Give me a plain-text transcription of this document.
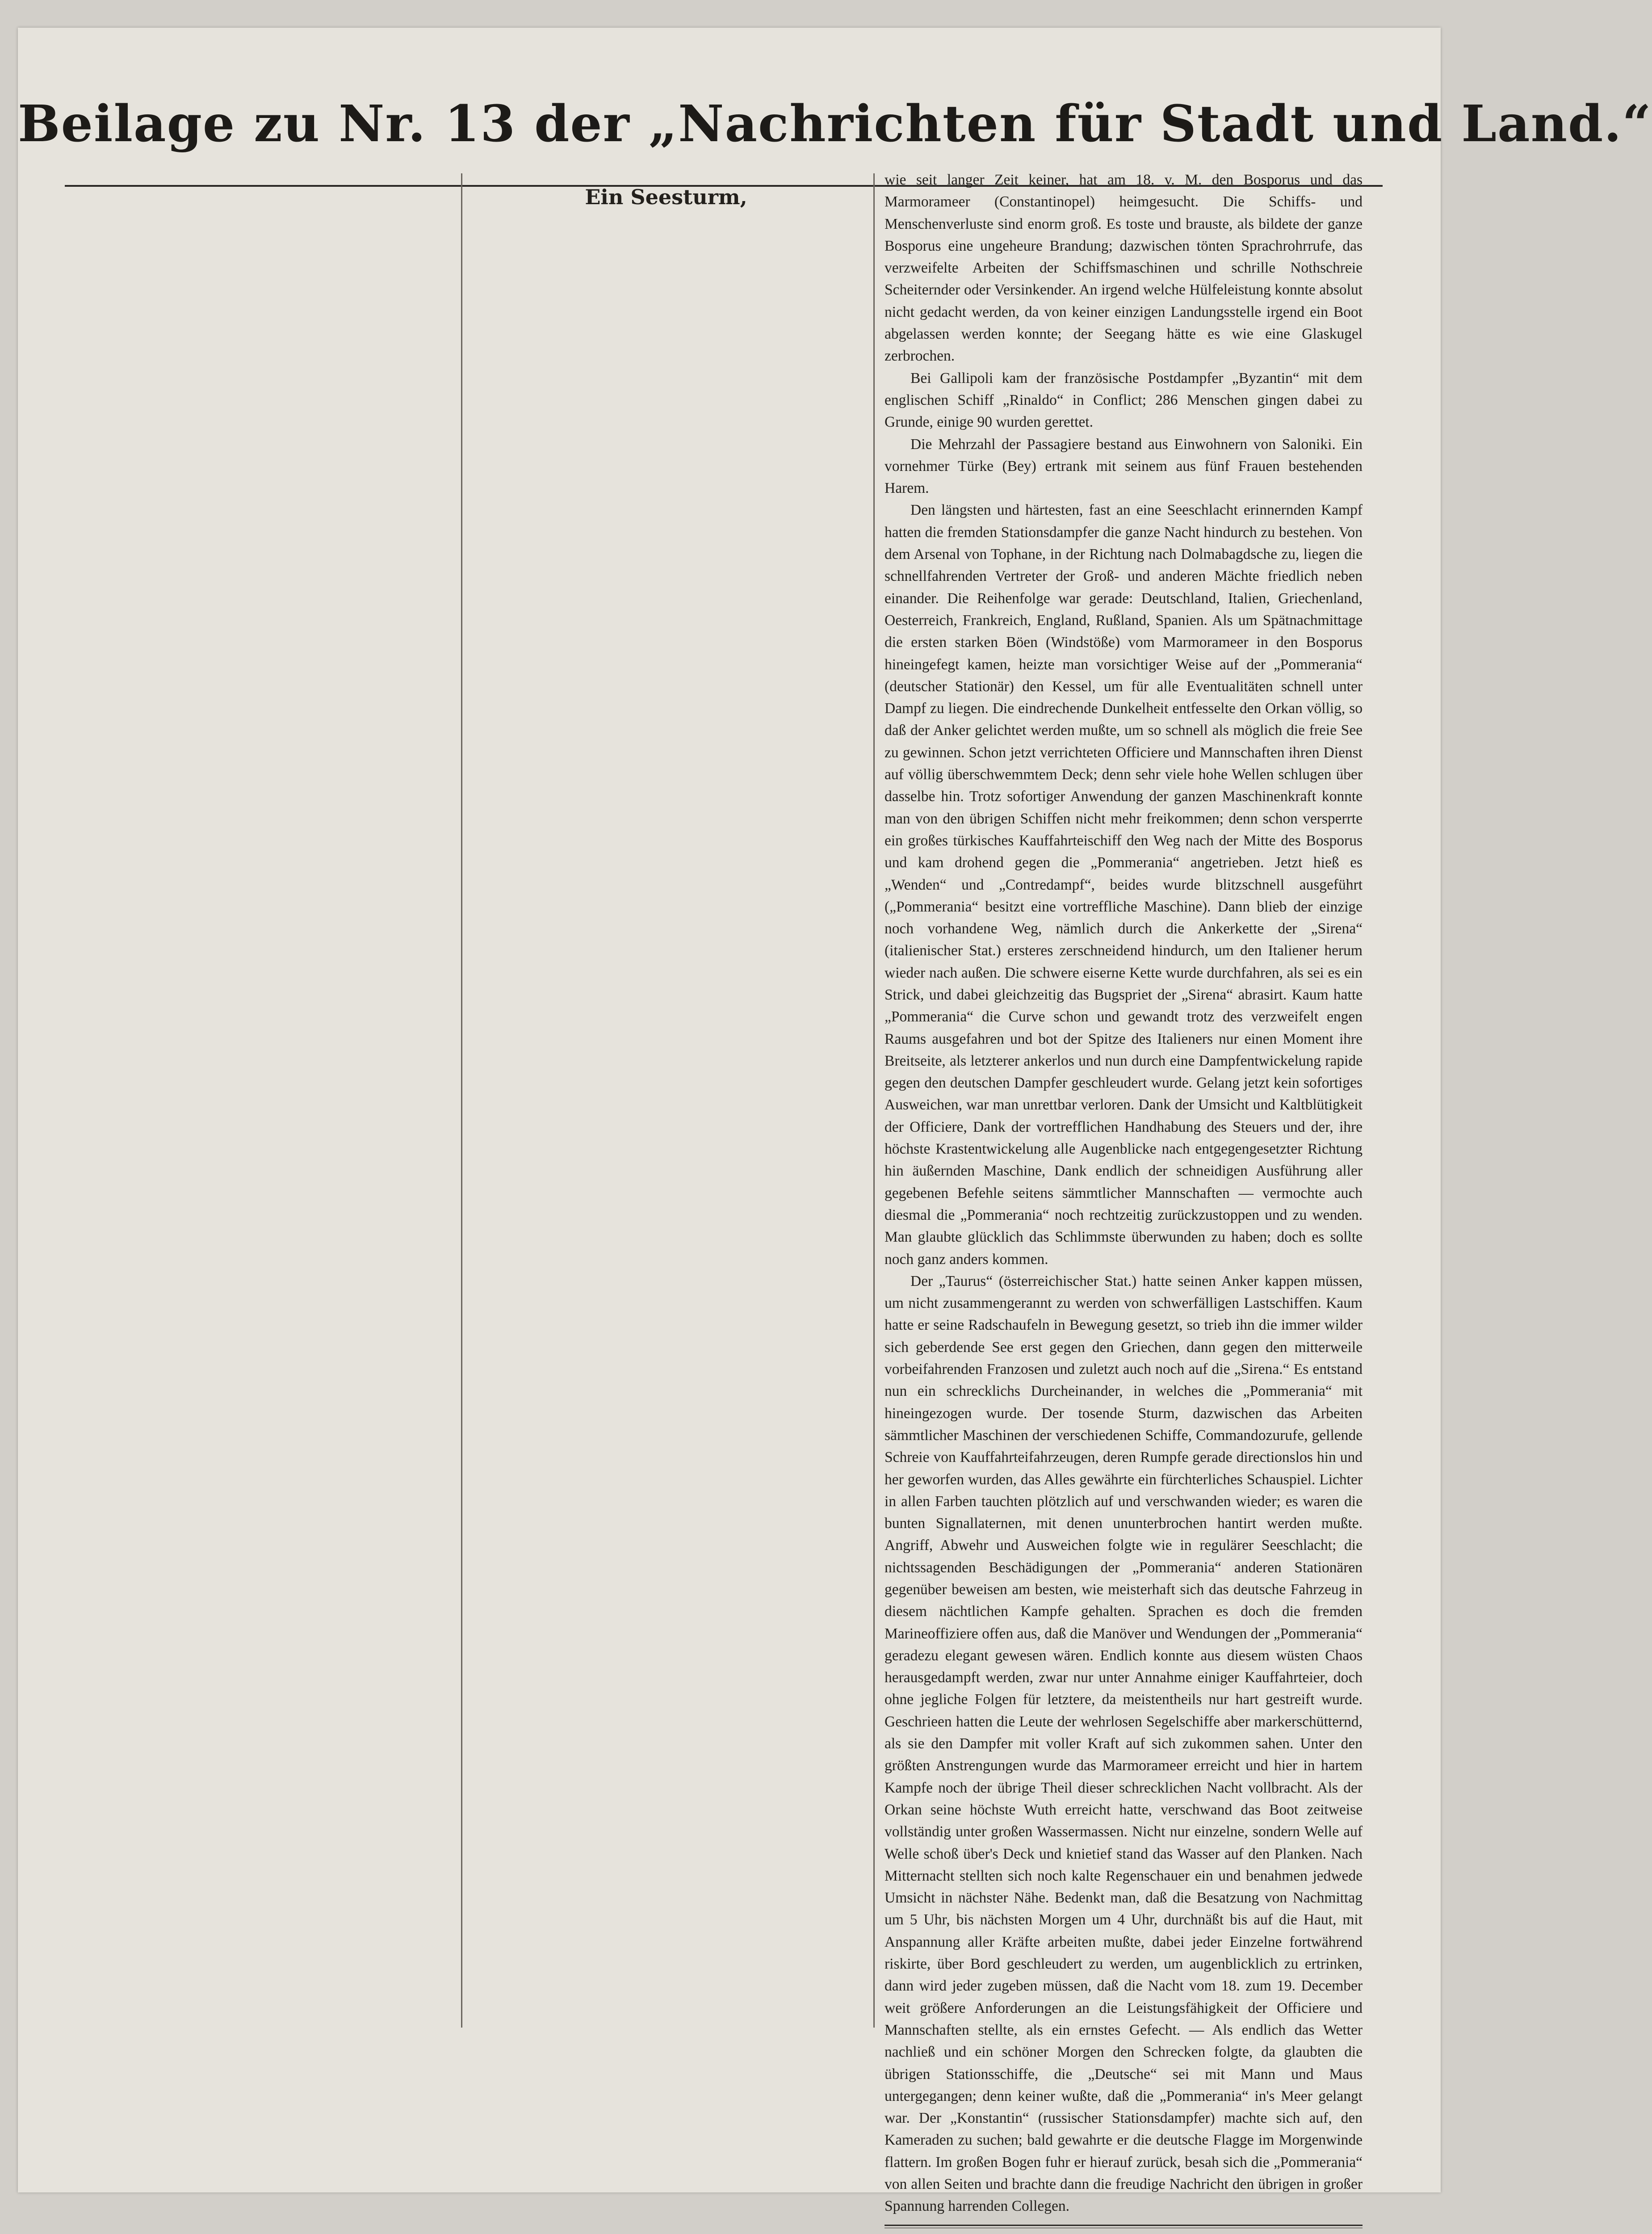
Beilage zu Nr. 13 der „Nachrichten für Stadt und Land.“
Ein Seesturm,

wie seit langer Zeit keiner, hat am 18. v. M. den Bosporus und das Marmorameer (Constantinopel) heimgesucht. Die Schiffs- und Menschenverluste sind enorm groß. Es toste und brauste, als bildete der ganze Bosporus eine ungeheure Brandung; dazwischen tönten Sprachrohrrufe, das verzweifelte Arbeiten der Schiffsmaschinen und schrille Nothschreie Scheiternder oder Versinkender. An irgend welche Hülfeleistung konnte absolut nicht gedacht werden, da von keiner einzigen Landungsstelle irgend ein Boot abgelassen werden konnte; der Seegang hätte es wie eine Glaskugel zerbrochen.

Bei Gallipoli kam der französische Postdampfer „Byzantin“ mit dem englischen Schiff „Rinaldo“ in Conflict; 286 Menschen gingen dabei zu Grunde, einige 90 wurden gerettet.

Die Mehrzahl der Passagiere bestand aus Einwohnern von Saloniki. Ein vornehmer Türke (Bey) ertrank mit seinem aus fünf Frauen bestehenden Harem.

Den längsten und härtesten, fast an eine Seeschlacht erinnernden Kampf hatten die fremden Stationsdampfer die ganze Nacht hindurch zu bestehen. Von dem Arsenal von Tophane, in der Richtung nach Dolmabagdsche zu, liegen die schnellfahrenden Vertreter der Groß- und anderen Mächte friedlich neben einander. Die Reihenfolge war gerade: Deutschland, Italien, Griechenland, Oesterreich, Frankreich, England, Rußland, Spanien. Als um Spätnachmittage die ersten starken Böen (Windstöße) vom Marmorameer in den Bosporus hineingefegt kamen, heizte man vorsichtiger Weise auf der „Pommerania“ (deutscher Stationär) den Kessel, um für alle Eventualitäten schnell unter Dampf zu liegen. Die eindrechende Dunkelheit entfesselte den Orkan völlig, so daß der Anker gelichtet werden mußte, um so schnell als möglich die freie See zu gewinnen. Schon jetzt verrichteten Officiere und Mannschaften ihren Dienst auf völlig überschwemmtem Deck; denn sehr viele hohe Wellen schlugen über dasselbe hin. Trotz sofortiger Anwendung der ganzen Maschinenkraft konnte man von den übrigen Schiffen nicht mehr freikommen; denn schon versperrte ein großes türkisches Kauffahrteischiff den Weg nach der Mitte des Bosporus und kam drohend gegen die „Pommerania“ angetrieben. Jetzt hieß es „Wenden“ und „Contredampf“, beides wurde blitzschnell ausgeführt („Pommerania“ besitzt eine vortreffliche Maschine). Dann blieb der einzige noch vorhandene Weg, nämlich durch die Ankerkette der „Sirena“ (italienischer Stat.) ersteres zerschneidend hindurch, um den Italiener herum wieder nach außen. Die schwere eiserne Kette wurde durchfahren, als sei es ein Strick, und dabei gleichzeitig das Bugspriet der „Sirena“ abrasirt. Kaum hatte „Pommerania“ die Curve schon und gewandt trotz des verzweifelt engen Raums ausgefahren und bot der Spitze des Italieners nur einen Moment ihre Breitseite, als letzterer ankerlos und nun durch eine Dampfentwickelung rapide gegen den deutschen Dampfer geschleudert wurde. Gelang jetzt kein sofortiges Ausweichen, war man unrettbar verloren. Dank der Umsicht und Kaltblütigkeit der Officiere, Dank der vortrefflichen Handhabung des Steuers und der, ihre höchste Krastentwickelung alle Augenblicke nach entgegengesetzter Richtung hin äußernden Maschine, Dank endlich der schneidigen Ausführung aller gegebenen Befehle seitens sämmtlicher Mannschaften — vermochte auch diesmal die „Pommerania“ noch rechtzeitig zurückzustoppen und zu wenden. Man glaubte glücklich das Schlimmste überwunden zu haben; doch es sollte noch ganz anders kommen.

Der „Taurus“ (österreichischer Stat.) hatte seinen Anker kappen müssen, um nicht zusammengerannt zu werden von schwerfälligen Lastschiffen. Kaum hatte er seine Radschaufeln in Bewegung gesetzt, so trieb ihn die immer wilder sich geberdende See erst gegen den Griechen, dann gegen den mitterweile vorbeifahrenden Franzosen und zuletzt auch noch auf die „Sirena.“ Es entstand nun ein schrecklichs Durcheinander, in welches die „Pommerania“ mit hineingezogen wurde. Der tosende Sturm, dazwischen das Arbeiten sämmtlicher Maschinen der verschiedenen Schiffe, Commandozurufe, gellende Schreie von Kauffahrteifahrzeugen, deren Rumpfe gerade directionslos hin und her geworfen wurden, das Alles gewährte ein fürchterliches Schauspiel. Lichter in allen Farben tauchten plötzlich auf und verschwanden wieder; es waren die bunten Signallaternen, mit denen ununterbrochen hantirt werden mußte. Angriff, Abwehr und Ausweichen folgte wie in regulärer Seeschlacht; die nichtssagenden Beschädigungen der „Pommerania“ anderen Stationären gegenüber beweisen am besten, wie meisterhaft sich das deutsche Fahrzeug in diesem nächtlichen Kampfe gehalten. Sprachen es doch die fremden Marineoffiziere offen aus, daß die Manöver und Wendungen der „Pommerania“ geradezu elegant gewesen wären. Endlich konnte aus diesem wüsten Chaos herausgedampft werden, zwar nur unter Annahme einiger Kauffahrteier, doch ohne jegliche Folgen für letztere, da meistentheils nur hart gestreift wurde. Geschrieen hatten die Leute der wehrlosen Segelschiffe aber markerschütternd, als sie den Dampfer mit voller Kraft auf sich zukommen sahen. Unter den größten Anstrengungen wurde das Marmorameer erreicht und hier in hartem Kampfe noch der übrige Theil dieser schrecklichen Nacht vollbracht. Als der Orkan seine höchste Wuth erreicht hatte, verschwand das Boot zeitweise vollständig unter großen Wassermassen. Nicht nur einzelne, sondern Welle auf Welle schoß über's Deck und knietief stand das Wasser auf den Planken. Nach Mitternacht stellten sich noch kalte Regenschauer ein und benahmen jedwede Umsicht in nächster Nähe. Bedenkt man, daß die Besatzung von Nachmittag um 5 Uhr, bis nächsten Morgen um 4 Uhr, durchnäßt bis auf die Haut, mit Anspannung aller Kräfte arbeiten mußte, dabei jeder Einzelne fortwährend riskirte, über Bord geschleudert zu werden, um augenblicklich zu ertrinken, dann wird jeder zugeben müssen, daß die Nacht vom 18. zum 19. December weit größere Anforderungen an die Leistungsfähigkeit der Officiere und Mannschaften stellte, als ein ernstes Gefecht. — Als endlich das Wetter nachließ und ein schöner Morgen den Schrecken folgte, da glaubten die übrigen Stationsschiffe, die „Deutsche“ sei mit Mann und Maus untergegangen; denn keiner wußte, daß die „Pommerania“ in's Meer gelangt war. Der „Konstantin“ (russischer Stationsdampfer) machte sich auf, den Kameraden zu suchen; bald gewahrte er die deutsche Flagge im Morgenwinde flattern. Im großen Bogen fuhr er hierauf zurück, besah sich die „Pommerania“ von allen Seiten und brachte dann die freudige Nachricht den übrigen in großer Spannung harrenden Collegen.
